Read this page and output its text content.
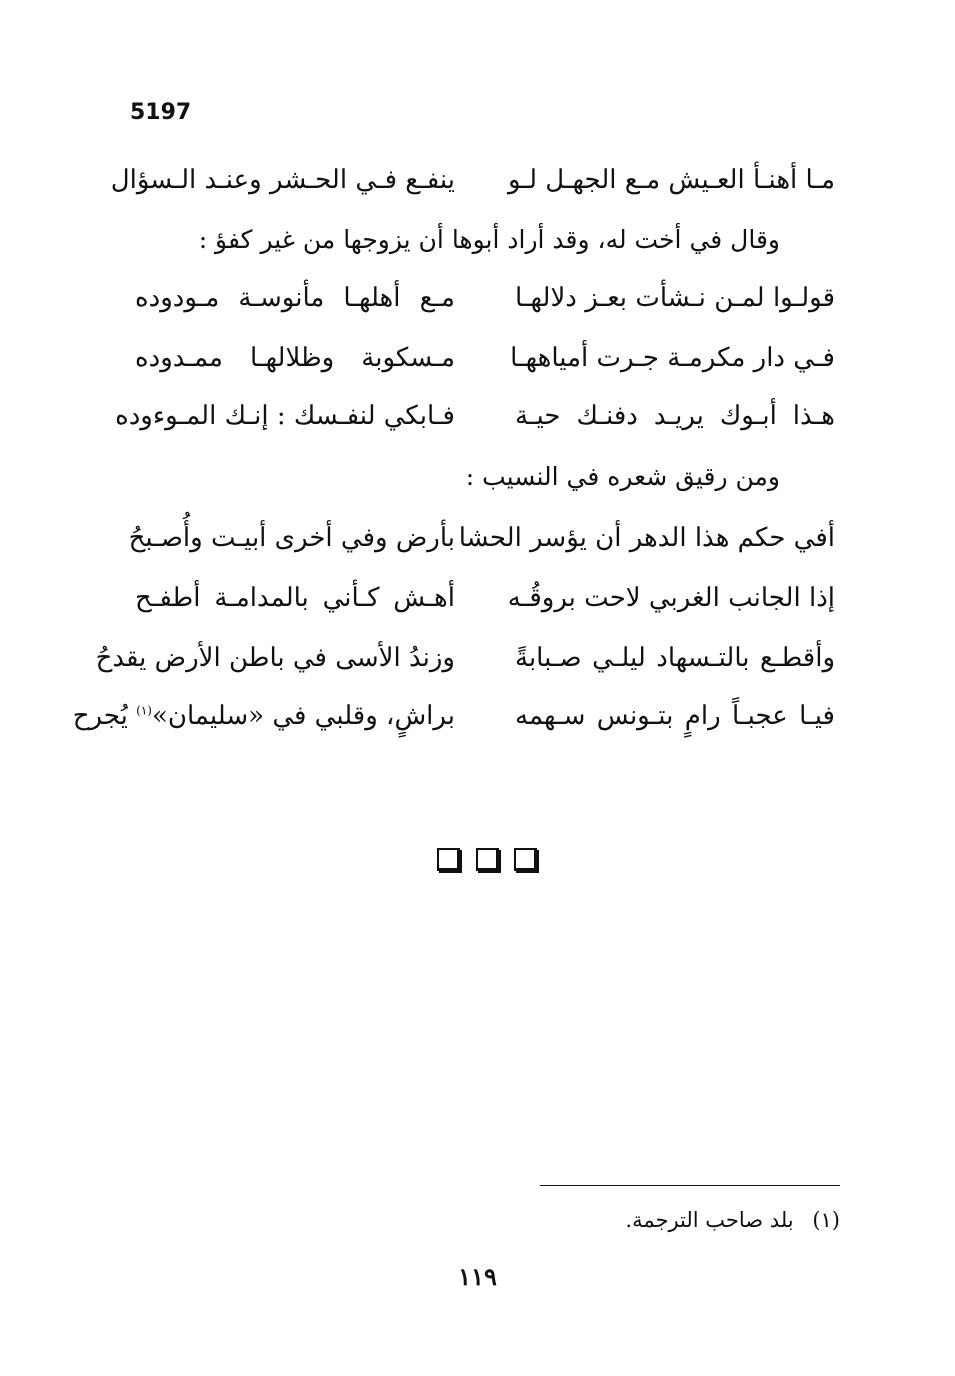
5197
مـا أهنـأ العـيش مـع الجهـل لـو
ينفـع فـي الحـشر وعنـد الـسؤال
وقال في أخت له، وقد أراد أبوها أن يزوجها من غير كفؤ :
قولـوا لمـن نـشأت بعـز دلالهـا
مـع أهلهـا مأنوسـة مـودوده
فـي دار مكرمـة جـرت أمياههـا
مـسكوبة وظلالهـا ممـدوده
هـذا أبـوك يريـد دفنـك حيـة
فـابكي لنفـسك : إنـك المـوءوده
ومن رقيق شعره في النسيب :
أفي حكم هذا الدهر أن يؤسر الحشا
بأرض وفي أخرى أبيـت وأُصـبحُ
إذا الجانب الغربي لاحت بروقُـه
أهـش كـأني بالمدامـة أطفـح
وأقطـع بالتـسهاد ليلـي صـبابةً
وزندُ الأسى في باطن الأرض يقدحُ
فيـا عجبـاً رامٍ بتـونس سـهمه
براشٍ، وقلبي في «سليمان»$^{(١)}$ يُجرح
(١) بلد صاحب الترجمة.
١١٩
